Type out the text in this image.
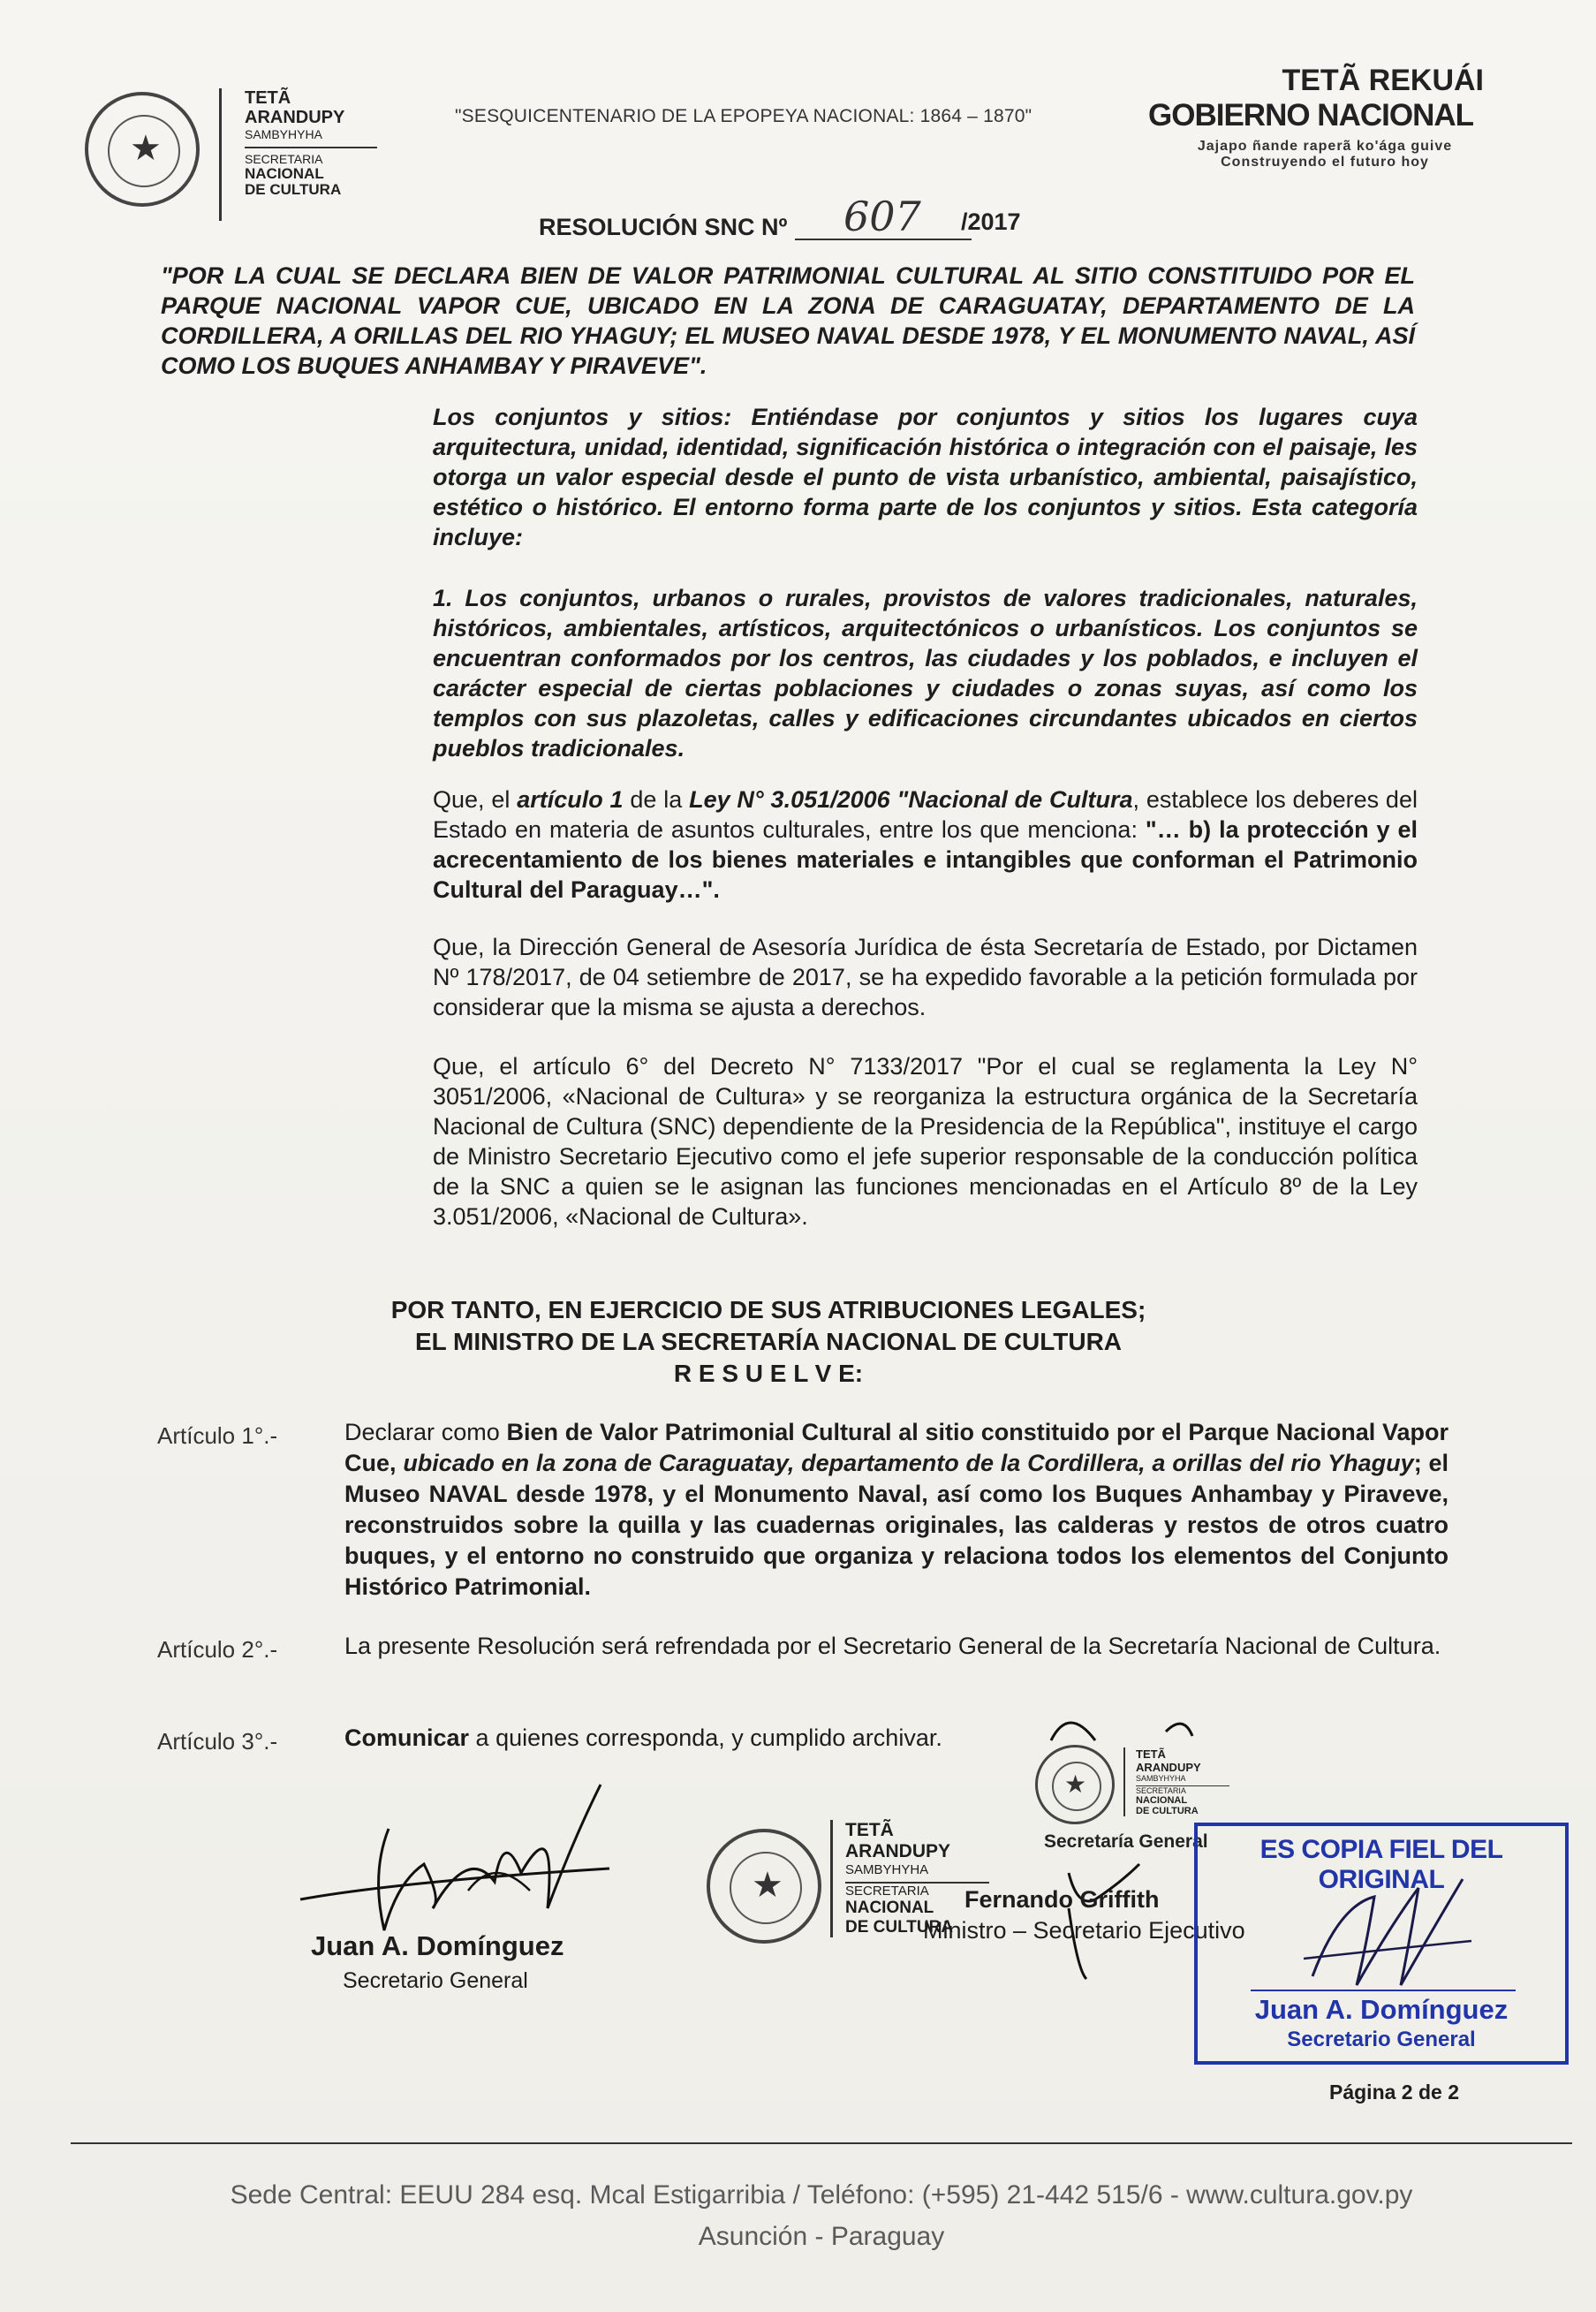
★
TETÃ
ARANDUPY
SAMBYHYHA
SECRETARIA
NACIONAL
DE CULTURA
"SESQUICENTENARIO DE LA EPOPEYA NACIONAL: 1864 – 1870"
TETÃ REKUÁI
GOBIERNO NACIONAL
Jajapo ñande raperã ko'ága guive
Construyendo el futuro hoy
RESOLUCIÓN SNC Nº 607 /2017
"POR LA CUAL SE DECLARA BIEN DE VALOR PATRIMONIAL CULTURAL AL SITIO CONSTITUIDO POR EL PARQUE NACIONAL VAPOR CUE, UBICADO EN LA ZONA DE CARAGUATAY, DEPARTAMENTO DE LA CORDILLERA, A ORILLAS DEL RIO YHAGUY; EL MUSEO NAVAL DESDE 1978, Y EL MONUMENTO NAVAL, ASÍ COMO LOS BUQUES ANHAMBAY Y PIRAVEVE".
Los conjuntos y sitios: Entiéndase por conjuntos y sitios los lugares cuya arquitectura, unidad, identidad, significación histórica o integración con el paisaje, les otorga un valor especial desde el punto de vista urbanístico, ambiental, paisajístico, estético o histórico. El entorno forma parte de los conjuntos y sitios. Esta categoría incluye:
1. Los conjuntos, urbanos o rurales, provistos de valores tradicionales, naturales, históricos, ambientales, artísticos, arquitectónicos o urbanísticos. Los conjuntos se encuentran conformados por los centros, las ciudades y los poblados, e incluyen el carácter especial de ciertas poblaciones y ciudades o zonas suyas, así como los templos con sus plazoletas, calles y edificaciones circundantes ubicados en ciertos pueblos tradicionales.
Que, el artículo 1 de la Ley N° 3.051/2006 "Nacional de Cultura, establece los deberes del Estado en materia de asuntos culturales, entre los que menciona: "… b) la protección y el acrecentamiento de los bienes materiales e intangibles que conforman el Patrimonio Cultural del Paraguay…".
Que, la Dirección General de Asesoría Jurídica de ésta Secretaría de Estado, por Dictamen Nº 178/2017, de 04 setiembre de 2017, se ha expedido favorable a la petición formulada por considerar que la misma se ajusta a derechos.
Que, el artículo 6° del Decreto N° 7133/2017 "Por el cual se reglamenta la Ley N° 3051/2006, «Nacional de Cultura» y se reorganiza la estructura orgánica de la Secretaría Nacional de Cultura (SNC) dependiente de la Presidencia de la República", instituye el cargo de Ministro Secretario Ejecutivo como el jefe superior responsable de la conducción política de la SNC a quien se le asignan las funciones mencionadas en el Artículo 8º de la Ley 3.051/2006, «Nacional de Cultura».
POR TANTO, EN EJERCICIO DE SUS ATRIBUCIONES LEGALES;
EL MINISTRO DE LA SECRETARÍA NACIONAL DE CULTURA
R E S U E L V E:
Artículo 1°.-	Declarar como Bien de Valor Patrimonial Cultural al sitio constituido por el Parque Nacional Vapor Cue, ubicado en la zona de Caraguatay, departamento de la Cordillera, a orillas del rio Yhaguy; el Museo NAVAL desde 1978, y el Monumento Naval, así como los Buques Anhambay y Piraveve, reconstruidos sobre la quilla y las cuadernas originales, las calderas y restos de otros cuatro buques, y el entorno no construido que organiza y relaciona todos los elementos del Conjunto Histórico Patrimonial.
Artículo 2°.-	La presente Resolución será refrendada por el Secretario General de la Secretaría Nacional de Cultura.
Artículo 3°.-	Comunicar a quienes corresponda, y cumplido archivar.
★
TETÃ
ARANDUPY
SAMBYHYHA
SECRETARIA
NACIONAL
DE CULTURA
Secretaría General
Juan A. Domínguez
Secretario General
★
TETÃ
ARANDUPY
SAMBYHYHA
SECRETARIA
NACIONAL
DE CULTURA
Fernando Griffith
Ministro – Secretario Ejecutivo
ES COPIA FIEL DEL ORIGINAL
Juan A. Domínguez
Secretario General
Página 2 de 2
Sede Central: EEUU 284 esq. Mcal Estigarribia / Teléfono: (+595) 21-442 515/6 - www.cultura.gov.py
Asunción - Paraguay
